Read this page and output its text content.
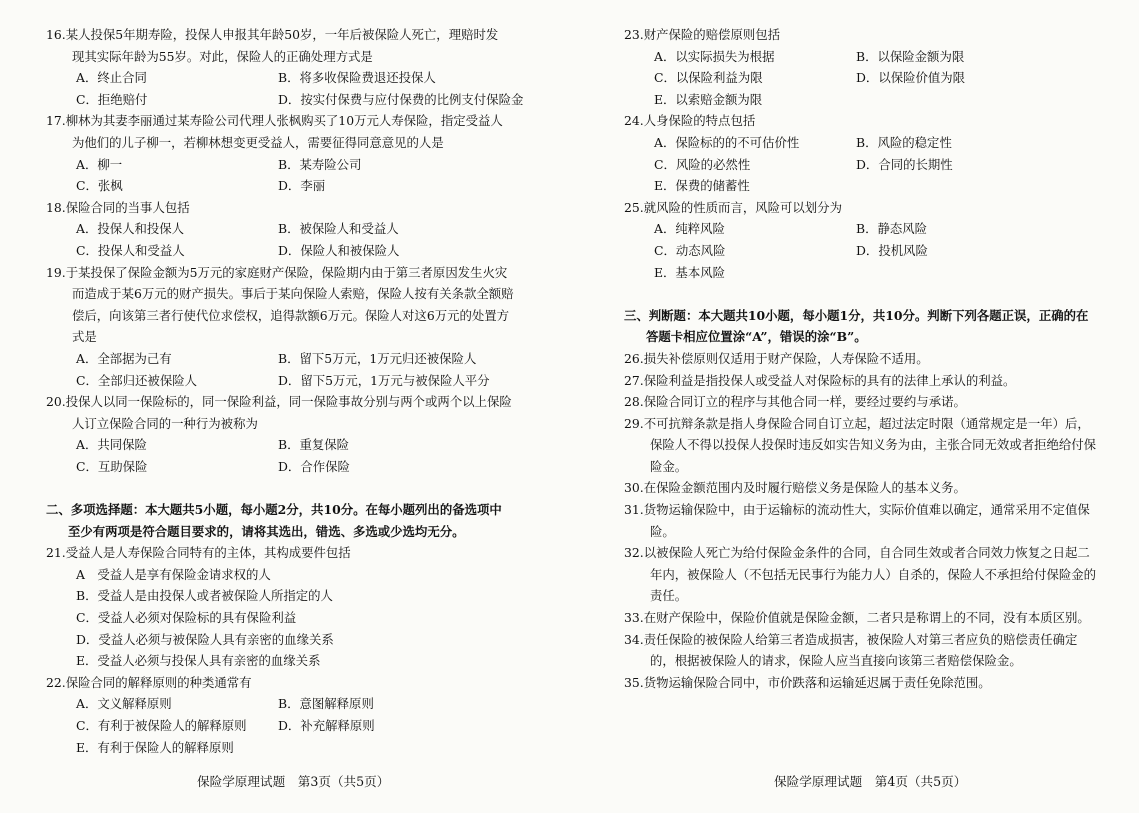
16. 某人投保5年期寿险，投保人申报其年龄50岁，一年后被保险人死亡，理赔时发
现其实际年龄为55岁。对此，保险人的正确处理方式是
A．终止合同	B．将多收保险费退还投保人
C．拒绝赔付	D．按实付保费与应付保费的比例支付保险金
17. 柳林为其妻李丽通过某寿险公司代理人张枫购买了10万元人寿保险，指定受益人
为他们的儿子柳一，若柳林想变更受益人，需要征得同意意见的人是
A．柳一	B．某寿险公司
C．张枫	D．李丽
18. 保险合同的当事人包括
A．投保人和投保人	B．被保险人和受益人
C．投保人和受益人	D．保险人和被保险人
19. 于某投保了保险金额为5万元的家庭财产保险，保险期内由于第三者原因发生火灾
而造成于某6万元的财产损失。事后于某向保险人索赔，保险人按有关条款全额赔
偿后，向该第三者行使代位求偿权，追得款额6万元。保险人对这6万元的处置方
式是
A．全部据为己有	B．留下5万元，1万元归还被保险人
C．全部归还被保险人	D．留下5万元，1万元与被保险人平分
20. 投保人以同一保险标的，同一保险利益，同一保险事故分别与两个或两个以上保险
人订立保险合同的一种行为被称为
A．共同保险	B．重复保险
C．互助保险	D．合作保险
二、多项选择题：本大题共5小题，每小题2分，共10分。在每小题列出的备选项中
至少有两项是符合题目要求的，请将其选出，错选、多选或少选均无分。
21. 受益人是人寿保险合同特有的主体，其构成要件包括
A　受益人是享有保险金请求权的人
B．受益人是由投保人或者被保险人所指定的人
C．受益人必须对保险标的具有保险利益
D．受益人必须与被保险人具有亲密的血缘关系
E．受益人必须与投保人具有亲密的血缘关系
22. 保险合同的解释原则的种类通常有
A．文义解释原则	B．意图解释原则
C．有利于被保险人的解释原则	D．补充解释原则
E．有利于保险人的解释原则
保险学原理试题　第3页（共5页）
23. 财产保险的赔偿原则包括
A．以实际损失为根据	B．以保险金额为限
C．以保险利益为限	D．以保险价值为限
E．以索赔金额为限
24. 人身保险的特点包括
A．保险标的的不可估价性	B．风险的稳定性
C．风险的必然性	D．合同的长期性
E．保费的储蓄性
25. 就风险的性质而言，风险可以划分为
A．纯粹风险	B．静态风险
C．动态风险	D．投机风险
E．基本风险
三、判断题：本大题共10小题，每小题1分，共10分。判断下列各题正误，正确的在
答题卡相应位置涂“A”，错误的涂“B”。
26. 损失补偿原则仅适用于财产保险，人寿保险不适用。
27. 保险利益是指投保人或受益人对保险标的具有的法律上承认的利益。
28. 保险合同订立的程序与其他合同一样，要经过要约与承诺。
29. 不可抗辩条款是指人身保险合同自订立起，超过法定时限（通常规定是一年）后，
保险人不得以投保人投保时违反如实告知义务为由，主张合同无效或者拒绝给付保
险金。
30. 在保险金额范围内及时履行赔偿义务是保险人的基本义务。
31. 货物运输保险中，由于运输标的流动性大，实际价值难以确定，通常采用不定值保
险。
32. 以被保险人死亡为给付保险金条件的合同，自合同生效或者合同效力恢复之日起二
年内，被保险人（不包括无民事行为能力人）自杀的，保险人不承担给付保险金的
责任。
33. 在财产保险中，保险价值就是保险金额，二者只是称谓上的不同，没有本质区别。
34. 责任保险的被保险人给第三者造成损害，被保险人对第三者应负的赔偿责任确定
的，根据被保险人的请求，保险人应当直接向该第三者赔偿保险金。
35. 货物运输保险合同中，市价跌落和运输延迟属于责任免除范围。
保险学原理试题　第4页（共5页）
